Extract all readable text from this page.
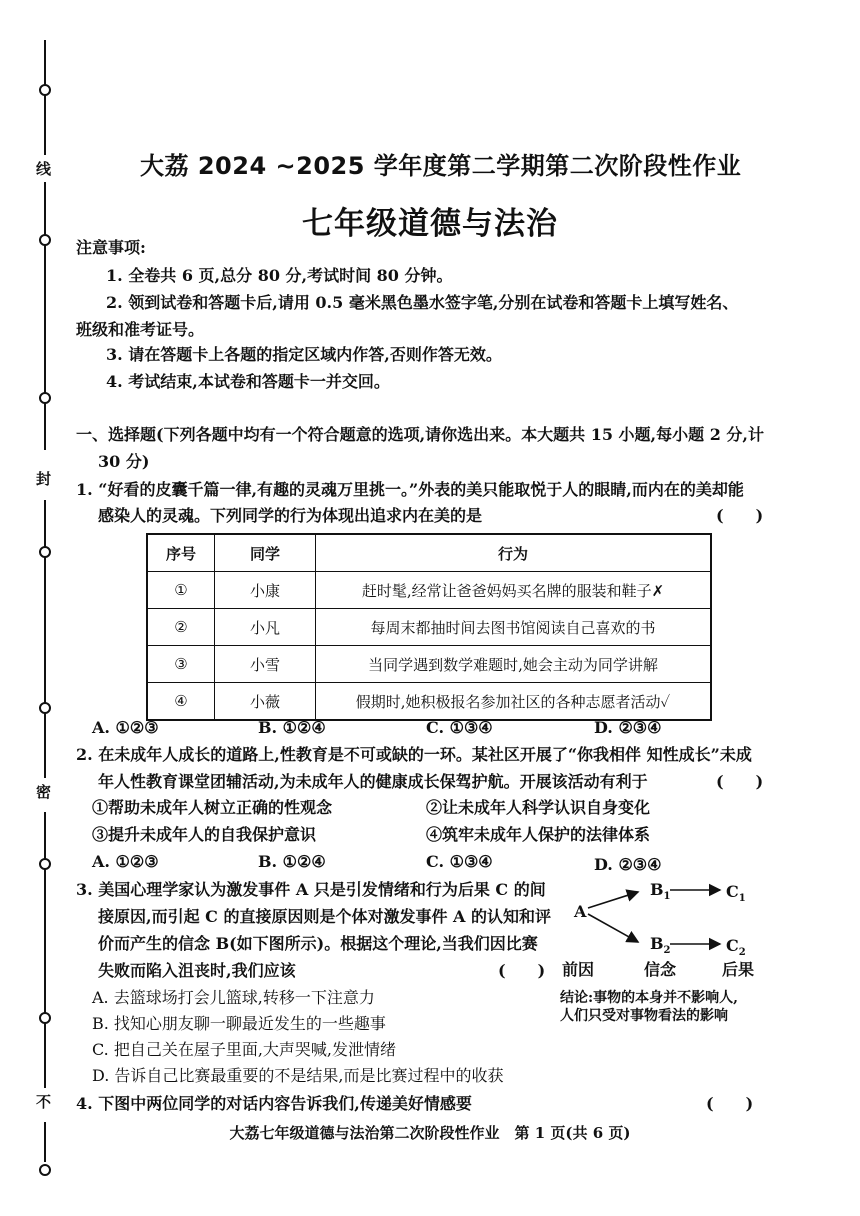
线
封
密
不
大荔 2024 ~2025 学年度第二学期第二次阶段性作业
七年级道德与法治
注意事项:
1. 全卷共 6 页,总分 80 分,考试时间 80 分钟。
2. 领到试卷和答题卡后,请用 0.5 毫米黑色墨水签字笔,分别在试卷和答题卡上填写姓名、
班级和准考证号。
3. 请在答题卡上各题的指定区域内作答,否则作答无效。
4. 考试结束,本试卷和答题卡一并交回。
一、选择题(下列各题中均有一个符合题意的选项,请你选出来。本大题共 15 小题,每小题 2 分,计
30 分)
1. “好看的皮囊千篇一律,有趣的灵魂万里挑一。”外表的美只能取悦于人的眼睛,而内在的美却能
感染人的灵魂。下列同学的行为体现出追求内在美的是	(　　)
序号	同学	行为
①	小康	赶时髦,经常让爸爸妈妈买名牌的服装和鞋子✗
②	小凡	每周末都抽时间去图书馆阅读自己喜欢的书
③	小雪	当同学遇到数学难题时,她会主动为同学讲解
④	小薇	假期时,她积极报名参加社区的各种志愿者活动✓
A. ①②③	B. ①②④	C. ①③④	D. ②③④
2. 在未成年人成长的道路上,性教育是不可或缺的一环。某社区开展了“你我相伴 知性成长”未成
年人性教育课堂团辅活动,为未成年人的健康成长保驾护航。开展该活动有利于	(　　)
①帮助未成年人树立正确的性观念	②让未成年人科学认识自身变化
③提升未成年人的自我保护意识	④筑牢未成年人保护的法律体系
A. ①②③	B. ①②④	C. ①③④	D. ②③④
3. 美国心理学家认为激发事件 A 只是引发情绪和行为后果 C 的间
接原因,而引起 C 的直接原因则是个体对激发事件 A 的认知和评
价而产生的信念 B(如下图所示)。根据这个理论,当我们因比赛
失败而陷入沮丧时,我们应该	(　　)
A. 去篮球场打会儿篮球,转移一下注意力
B. 找知心朋友聊一聊最近发生的一些趣事
C. 把自己关在屋子里面,大声哭喊,发泄情绪
D. 告诉自己比赛最重要的不是结果,而是比赛过程中的收获
A
$B_1$	$C_1$
$B_2$	$C_2$
前因	信念	后果
结论:事物的本身并不影响人,
人们只受对事物看法的影响
4. 下图中两位同学的对话内容告诉我们,传递美好情感要	(　　)
大荔七年级道德与法治第二次阶段性作业　第 1 页(共 6 页)
